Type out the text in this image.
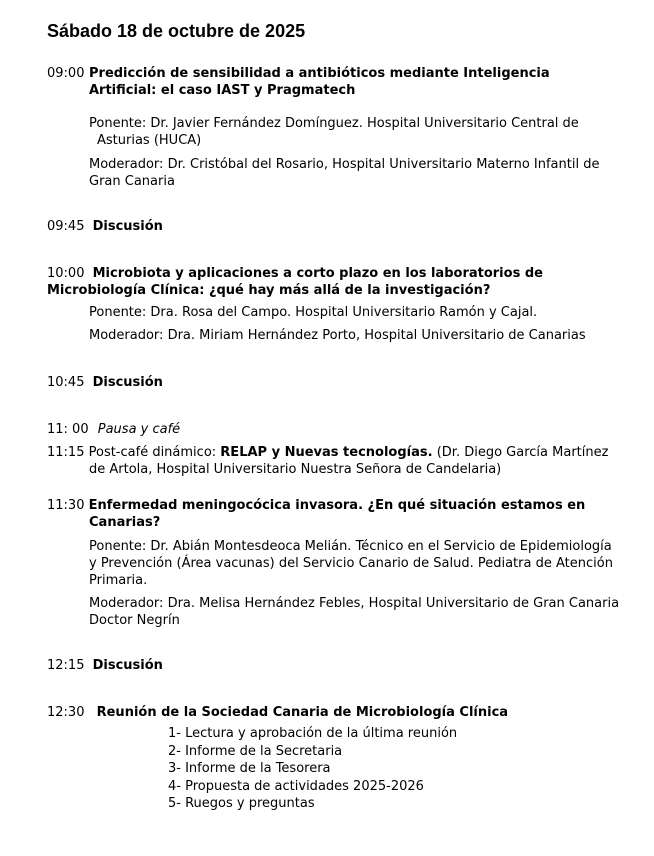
Sábado 18 de octubre de 2025
09:00 Predicción de sensibilidad a antibióticos mediante Inteligencia

Artificial: el caso IAST y Pragmatech

Ponente: Dr. Javier Fernández Domínguez. Hospital Universitario Central de

Asturias (HUCA)

Moderador: Dr. Cristóbal del Rosario, Hospital Universitario Materno Infantil de

Gran Canaria

09:45 Discusión

10:00 Microbiota y aplicaciones a corto plazo en los laboratorios de

Microbiología Clínica: ¿qué hay más allá de la investigación?

Ponente: Dra. Rosa del Campo. Hospital Universitario Ramón y Cajal.

Moderador: Dra. Miriam Hernández Porto, Hospital Universitario de Canarias

10:45 Discusión
11: 00 Pausa y café

11:15 Post-café dinámico: RELAP y Nuevas tecnologías. (Dr. Diego García Martínez

de Artola, Hospital Universitario Nuestra Señora de Candelaria)

11:30 Enfermedad meningocócica invasora. ¿En qué situación estamos en

Canarias?

Ponente: Dr. Abián Montesdeoca Melián. Técnico en el Servicio de Epidemiología

y Prevención (Área vacunas) del Servicio Canario de Salud. Pediatra de Atención

Primaria.

Moderador: Dra. Melisa Hernández Febles, Hospital Universitario de Gran Canaria

Doctor Negrín

12:15 Discusión
12:30 Reunión de la Sociedad Canaria de Microbiología Clínica

1- Lectura y aprobación de la última reunión

2- Informe de la Secretaria

3- Informe de la Tesorera

4- Propuesta de actividades 2025-2026

5- Ruegos y preguntas
